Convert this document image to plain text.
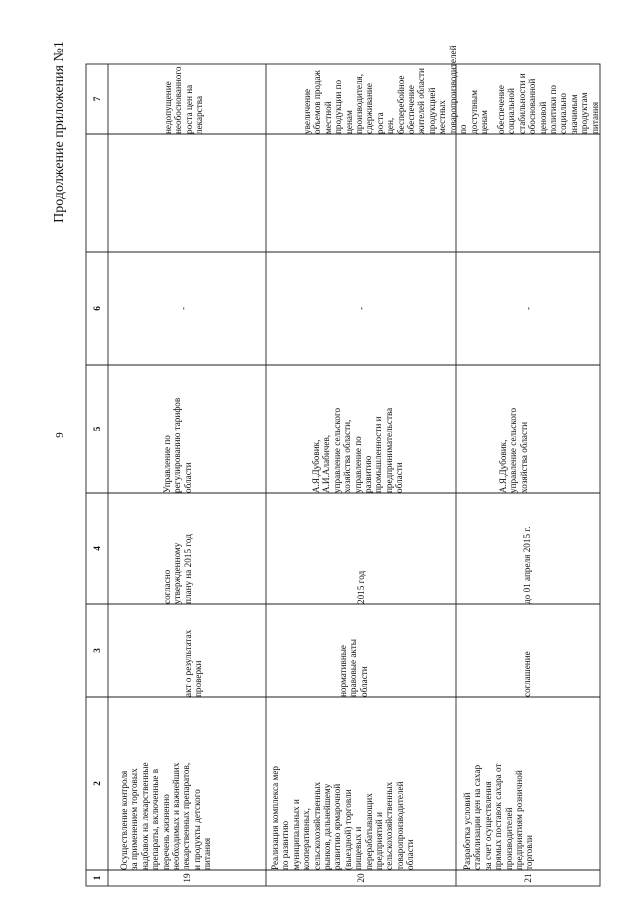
Продолжение приложения №1
9
1
2
3
4
5
6
7
19
Осуществление контроля
за применением торговых
надбавок на лекарственные
препараты, включенные в
перечень жизненно
необходимых и важнейших
лекарственных препаратов,
и продукты детского
питания
акт о результатах
проверки
согласно
утвержденному
плану на 2015 год
Управление по
регулированию тарифов
области
-
недопущение необоснованного
роста цен на лекарства
20
Реализация комплекса мер
по развитию
муниципальных и
кооперативных,
сельскохозяйственных
рынков, дальнейшему
развитию ярмарочной
(выездной) торговли
пищевых и
перерабатывающих
предприятий и
сельскохозяйственных
товаропроизводителей
области
нормативные
правовые акты
области
2015 год
А.Я.Дубовик,
А.И.Алабичев,
управление сельского
хозяйства области,
управление по
развитию
промышленности и
предпринимательства
области
-
увеличение объемов продаж
местной продукции по ценам
производителя, сдерживание роста
цен, бесперебойное обеспечение
жителей области продукцией
местных товаропроизводителей по
доступным ценам
21
Разработка условий
стабилизации цен на сахар
за счет осуществления
прямых поставок сахара от
производителей
предприятиям розничной
торговли
соглашение
до 01 апреля 2015 г.
А.Я.Дубовик,
управление сельского
хозяйства области
-
обеспечение социальной
стабильности и обоснованной
ценовой политики по социально
значимым продуктам питания
